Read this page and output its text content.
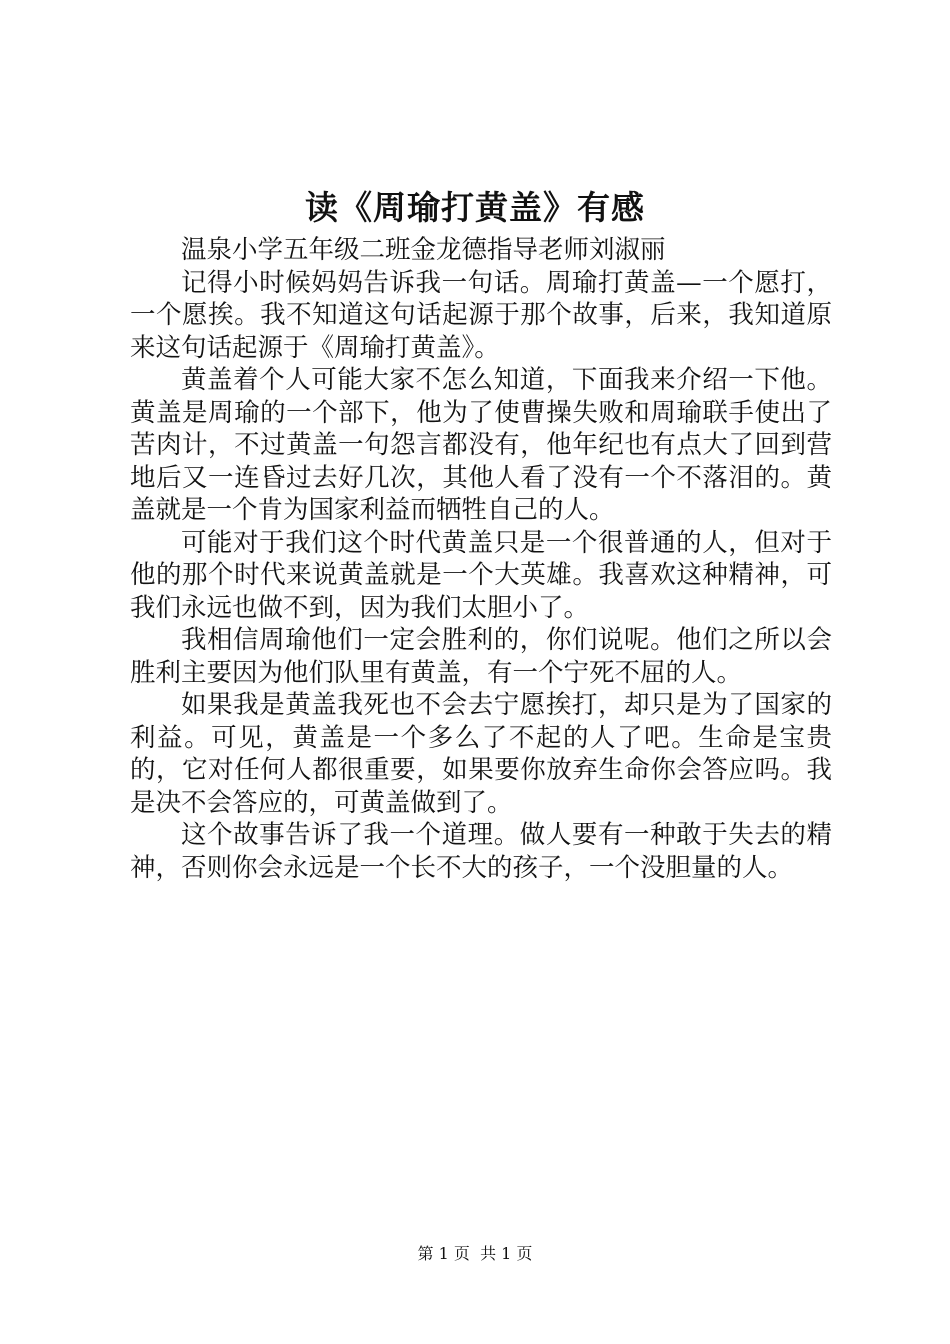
读《周瑜打黄盖》有感

温泉小学五年级二班金龙德指导老师刘淑丽

记得小时候妈妈告诉我一句话。周瑜打黄盖—一个愿打，一个愿挨。我不知道这句话起源于那个故事，后来，我知道原来这句话起源于《周瑜打黄盖》。

黄盖着个人可能大家不怎么知道，下面我来介绍一下他。黄盖是周瑜的一个部下，他为了使曹操失败和周瑜联手使出了苦肉计，不过黄盖一句怨言都没有，他年纪也有点大了回到营地后又一连昏过去好几次，其他人看了没有一个不落泪的。黄盖就是一个肯为国家利益而牺牲自己的人。

可能对于我们这个时代黄盖只是一个很普通的人，但对于他的那个时代来说黄盖就是一个大英雄。我喜欢这种精神，可我们永远也做不到，因为我们太胆小了。

我相信周瑜他们一定会胜利的，你们说呢。他们之所以会胜利主要因为他们队里有黄盖，有一个宁死不屈的人。

如果我是黄盖我死也不会去宁愿挨打，却只是为了国家的利益。可见，黄盖是一个多么了不起的人了吧。生命是宝贵的，它对任何人都很重要，如果要你放弃生命你会答应吗。我是决不会答应的，可黄盖做到了。

这个故事告诉了我一个道理。做人要有一种敢于失去的精神，否则你会永远是一个长不大的孩子，一个没胆量的人。

第 1 页  共 1 页
